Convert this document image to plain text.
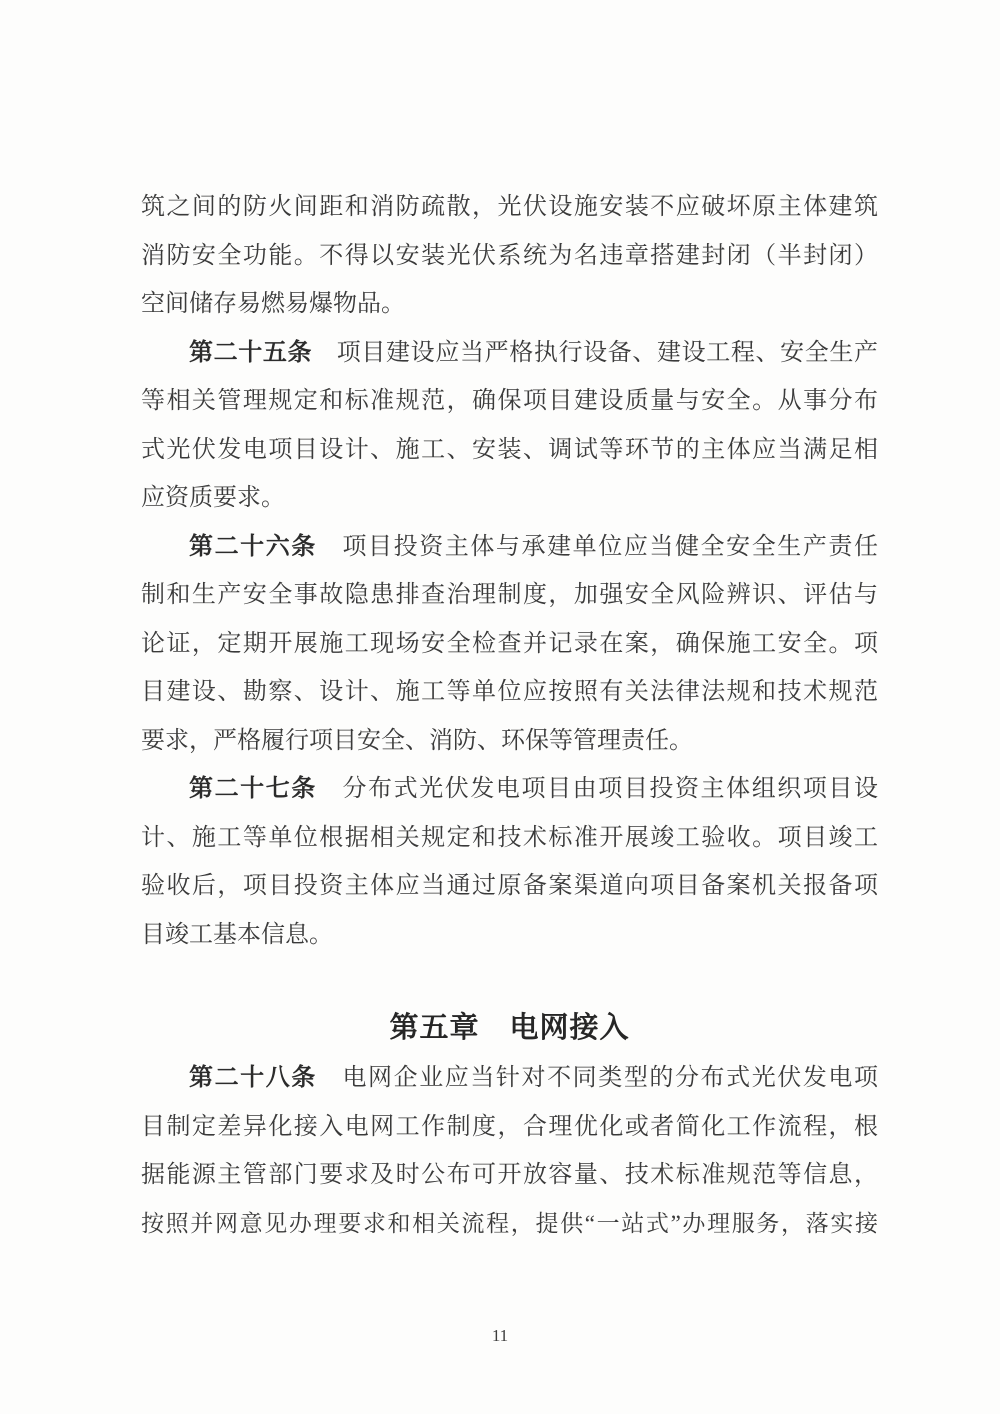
筑之间的防火间距和消防疏散，光伏设施安装不应破坏原主体建筑
消防安全功能。不得以安装光伏系统为名违章搭建封闭（半封闭）
空间储存易燃易爆物品。

第二十五条　 项目建设应当严格执行设备、建设工程、安全生产
等相关管理规定和标准规范，确保项目建设质量与安全。从事分布
式光伏发电项目设计、施工、安装、调试等环节的主体应当满足相
应资质要求。

第二十六条　 项目投资主体与承建单位应当健全安全生产责任
制和生产安全事故隐患排查治理制度，加强安全风险辨识、评估与
论证，定期开展施工现场安全检查并记录在案，确保施工安全。项
目建设、勘察、设计、施工等单位应按照有关法律法规和技术规范
要求，严格履行项目安全、消防、环保等管理责任。

第二十七条　 分布式光伏发电项目由项目投资主体组织项目设
计、施工等单位根据相关规定和技术标准开展竣工验收。项目竣工
验收后，项目投资主体应当通过原备案渠道向项目备案机关报备项
目竣工基本信息。

第五章　电网接入

第二十八条　 电网企业应当针对不同类型的分布式光伏发电项
目制定差异化接入电网工作制度，合理优化或者简化工作流程，根
据能源主管部门要求及时公布可开放容量、技术标准规范等信息，
按照并网意见办理要求和相关流程，提供“一站式”办理服务，落实接

11
